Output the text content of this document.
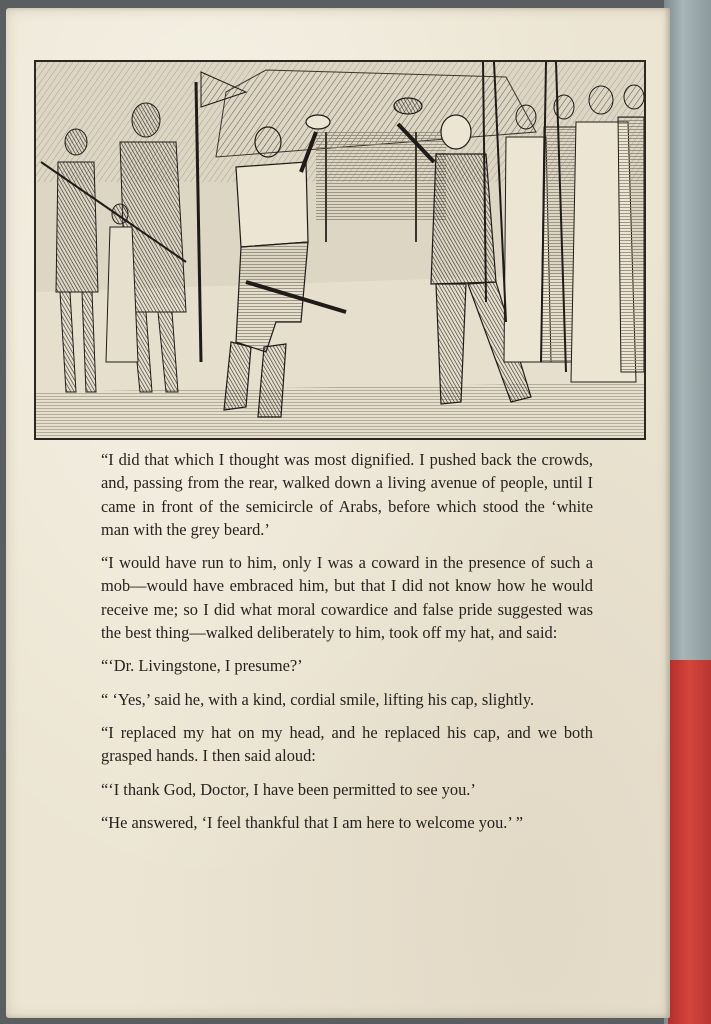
“I did that which I thought was most dignified. I pushed back the crowds, and, passing from the rear, walked down a living avenue of people, until I came in front of the semicircle of Arabs, before which stood the ‘white man with the grey beard.’

“I would have run to him, only I was a coward in the presence of such a mob—would have embraced him, but that I did not know how he would receive me; so I did what moral cowardice and false pride suggested was the best thing—walked deliberately to him, took off my hat, and said:

“‘Dr. Livingstone, I presume?’

“ ‘Yes,’ said he, with a kind, cordial smile, lifting his cap, slightly.

“I replaced my hat on my head, and he replaced his cap, and we both grasped hands. I then said aloud:

“‘I thank God, Doctor, I have been permitted to see you.’

“He answered, ‘I feel thankful that I am here to welcome you.’ ”
